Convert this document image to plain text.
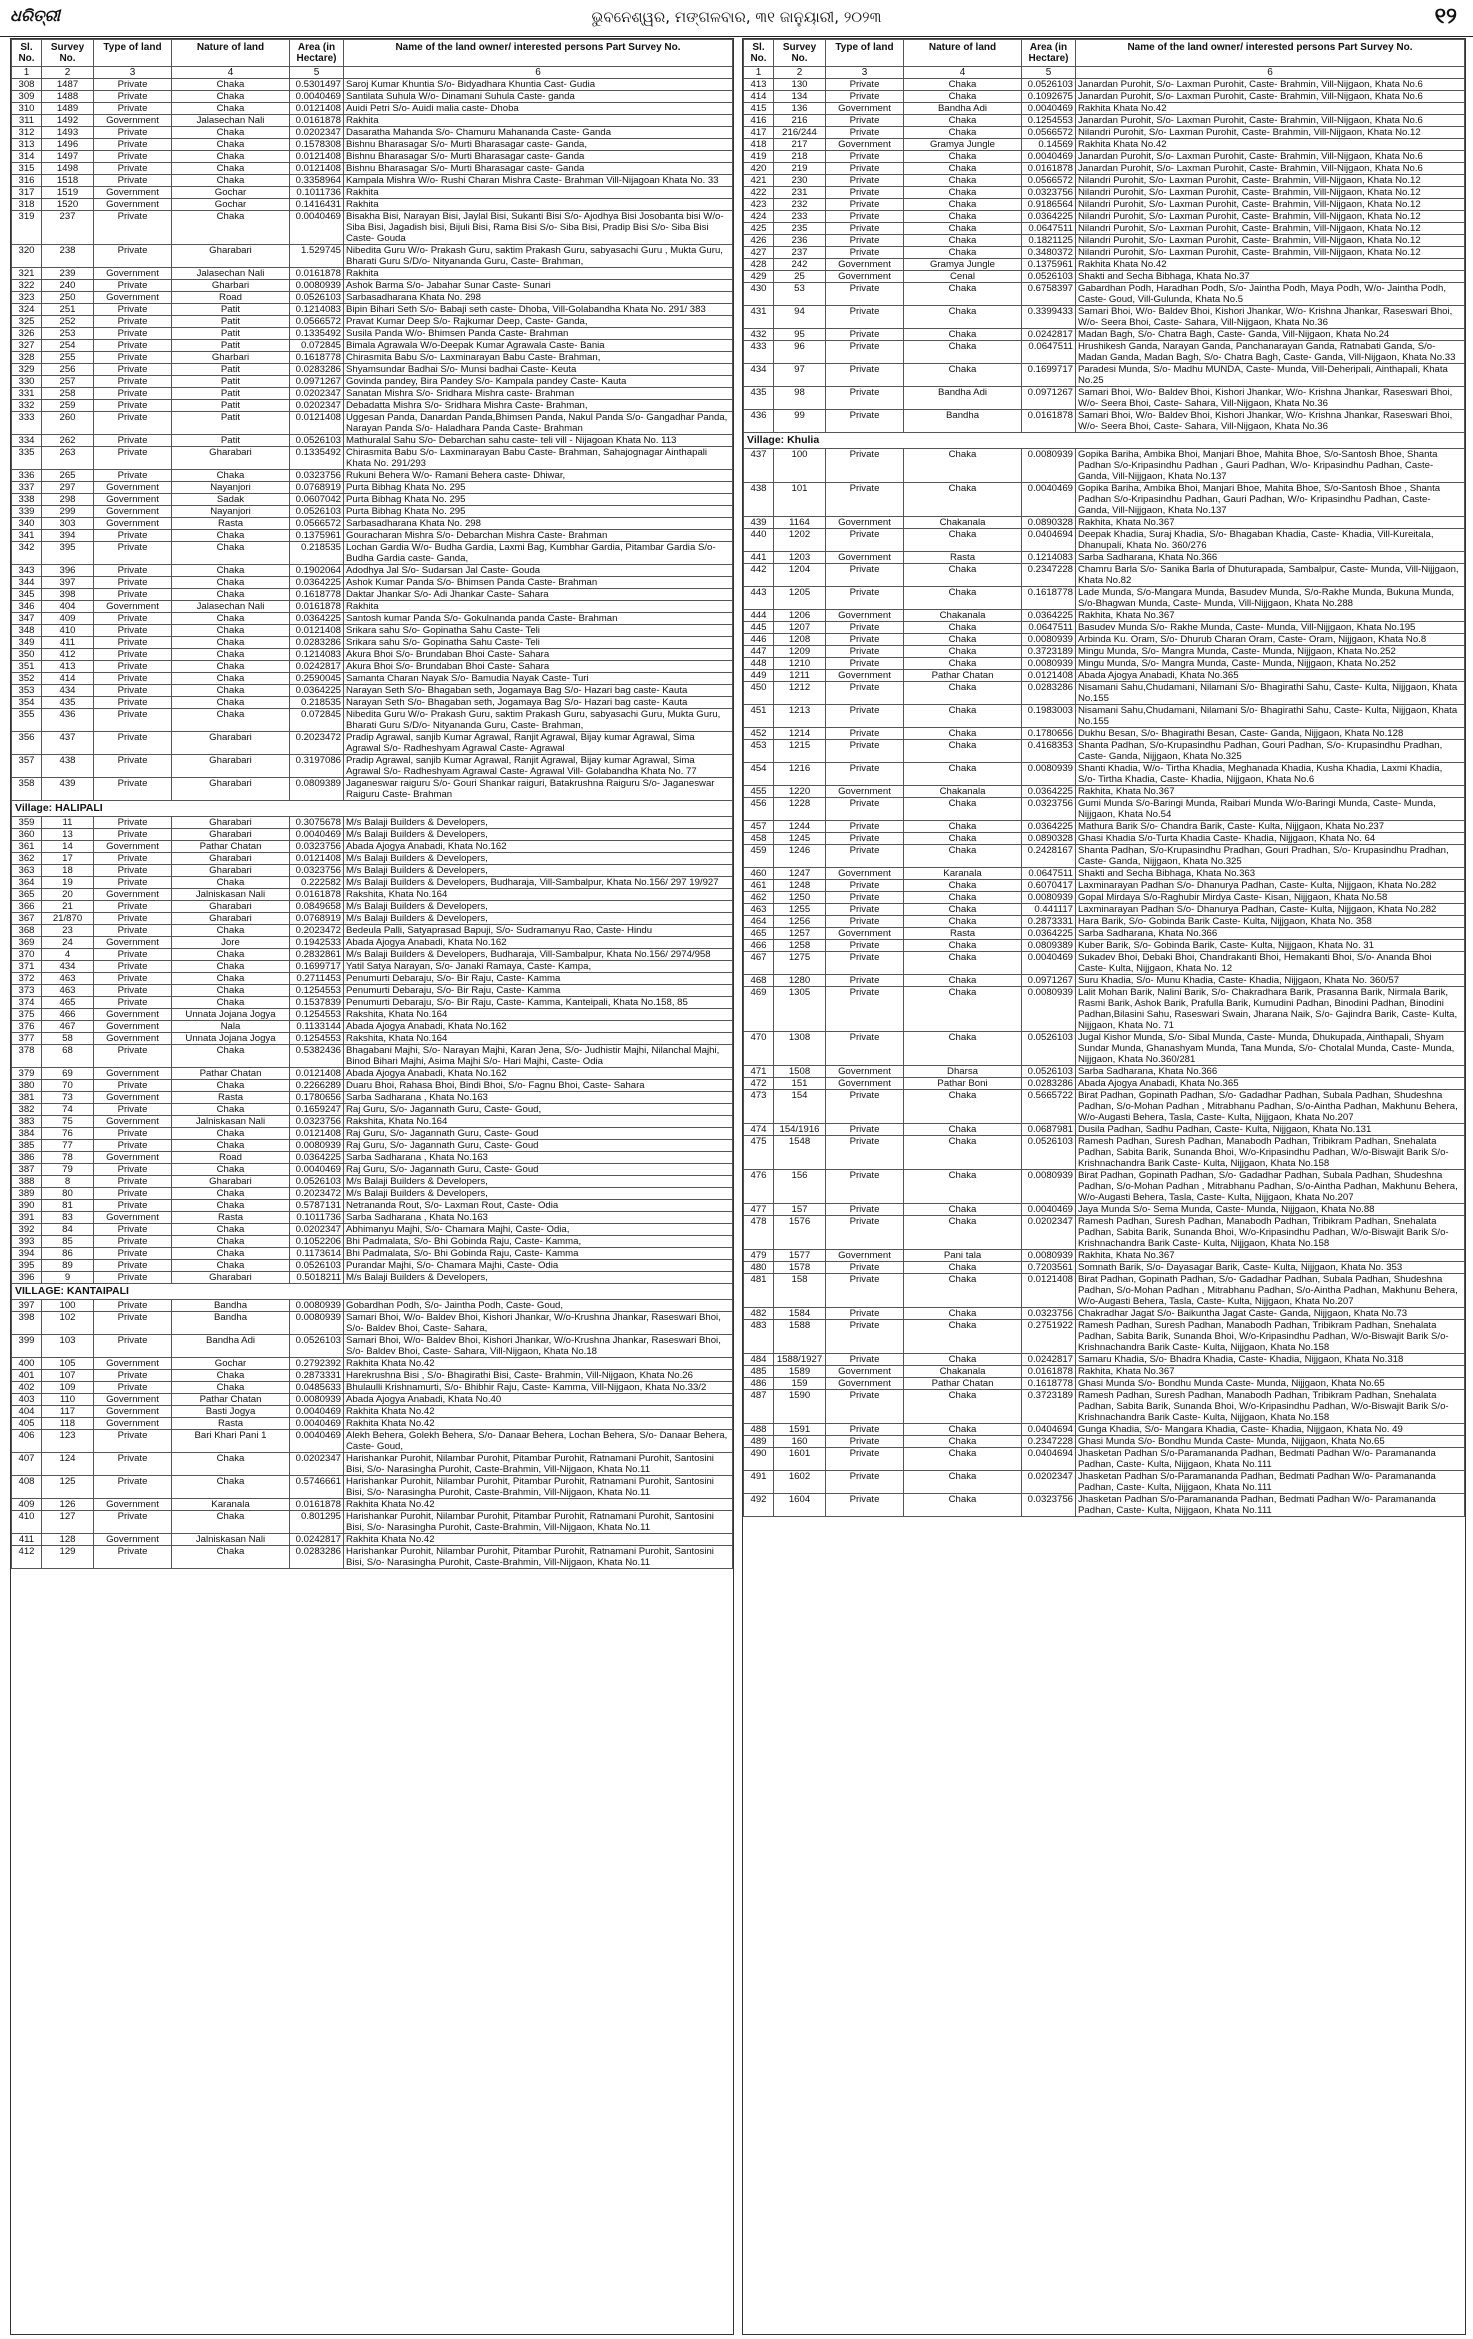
ଧରିତ୍ରୀ	ଭୁବନେଶ୍ୱର, ମଙ୍ଗଳବାର, ୩୧ ଜାନୁୟାରୀ, ୨୦୨୩	୧୨
Sl. No.	Survey No.	Type of land	Nature of land	Area (in Hectare)	Name of the land owner/ interested persons Part Survey No.
1	2	3	4	5	6
308	1487	Private	Chaka	0.5301497	Saroj Kumar Khuntia S/o- Bidyadhara Khuntia Cast- Gudia
309	1488	Private	Chaka	0.0040469	Santilata Suhula W/o- Dinamani Suhula Caste- ganda
310	1489	Private	Chaka	0.0121408	Auidi Petri S/o- Auidi malia caste- Dhoba
311	1492	Government	Jalasechan Nali	0.0161878	Rakhita
312	1493	Private	Chaka	0.0202347	Dasaratha Mahanda S/o- Chamuru Mahananda Caste- Ganda
313	1496	Private	Chaka	0.1578308	Bishnu Bharasagar S/o- Murti Bharasagar caste- Ganda,
314	1497	Private	Chaka	0.0121408	Bishnu Bharasagar S/o- Murti Bharasagar caste- Ganda
315	1498	Private	Chaka	0.0121408	Bishnu Bharasagar S/o- Murti Bharasagar caste- Ganda
316	1518	Private	Chaka	0.3358964	Kampala Mishra W/o- Rushi Charan Mishra Caste- Brahman Vill-Nijagoan Khata No. 33
317	1519	Government	Gochar	0.1011736	Rakhita
318	1520	Government	Gochar	0.1416431	Rakhita
319	237	Private	Chaka	0.0040469	Bisakha Bisi, Narayan Bisi, Jaylal Bisi, Sukanti Bisi S/o- Ajodhya Bisi Josobanta bisi W/o- Siba Bisi, Jagadish bisi, Bijuli Bisi, Rama Bisi S/o- Siba Bisi, Pradip Bisi S/o- Siba Bisi Caste- Gouda
320	238	Private	Gharabari	1.529745	Nibedita Guru W/o- Prakash Guru, saktim Prakash Guru, sabyasachi Guru , Mukta Guru, Bharati Guru S/D/o- Nityananda Guru, Caste- Brahman,
321	239	Government	Jalasechan Nali	0.0161878	Rakhita
322	240	Private	Gharbari	0.0080939	Ashok Barma S/o- Jabahar Sunar Caste- Sunari
323	250	Government	Road	0.0526103	Sarbasadharana Khata No. 298
324	251	Private	Patit	0.1214083	Bipin Bihari Seth S/o- Babaji seth caste- Dhoba, Vill-Golabandha Khata No. 291/ 383
325	252	Private	Patit	0.0566572	Pravat Kumar Deep S/o- Rajkumar Deep, Caste- Ganda,
326	253	Private	Patit	0.1335492	Susila Panda W/o- Bhimsen Panda Caste- Brahman
327	254	Private	Patit	0.072845	Bimala Agrawala W/o-Deepak Kumar Agrawala Caste- Bania
328	255	Private	Gharbari	0.1618778	Chirasmita Babu S/o- Laxminarayan Babu Caste- Brahman,
329	256	Private	Patit	0.0283286	Shyamsundar Badhai S/o- Munsi badhai Caste- Keuta
330	257	Private	Patit	0.0971267	Govinda pandey, Bira Pandey S/o- Kampala pandey Caste- Kauta
331	258	Private	Patit	0.0202347	Sanatan Mishra S/o- Sridhara Mishra caste- Brahman
332	259	Private	Patit	0.0202347	Debadatta Mishra S/o- Sridhara Mishra Caste- Brahman,
333	260	Private	Patit	0.0121408	Uggesan Panda, Danardan Panda,Bhimsen Panda, Nakul Panda S/o- Gangadhar Panda, Narayan Panda S/o- Haladhara Panda Caste- Brahman
334	262	Private	Patit	0.0526103	Mathuralal Sahu S/o- Debarchan sahu caste- teli vill - Nijagoan Khata No. 113
335	263	Private	Gharabari	0.1335492	Chirasmita Babu S/o- Laxminarayan Babu Caste- Brahman, Sahajognagar Ainthapali Khata No. 291/293
336	265	Private	Chaka	0.0323756	Rukuni Behera W/o- Ramani Behera caste- Dhiwar,
337	297	Government	Nayanjori	0.0768919	Purta Bibhag Khata No. 295
338	298	Government	Sadak	0.0607042	Purta Bibhag Khata No. 295
339	299	Government	Nayanjori	0.0526103	Purta Bibhag Khata No. 295
340	303	Government	Rasta	0.0566572	Sarbasadharana Khata No. 298
341	394	Private	Chaka	0.1375961	Gouracharan Mishra S/o- Debarchan Mishra Caste- Brahman
342	395	Private	Chaka	0.218535	Lochan Gardia W/o- Budha Gardia, Laxmi Bag, Kumbhar Gardia, Pitambar Gardia S/o- Budha Gardia caste- Ganda,
343	396	Private	Chaka	0.1902064	Adodhya Jal S/o- Sudarsan Jal Caste- Gouda
344	397	Private	Chaka	0.0364225	Ashok Kumar Panda S/o- Bhimsen Panda Caste- Brahman
345	398	Private	Chaka	0.1618778	Daktar Jhankar S/o- Adi Jhankar Caste- Sahara
346	404	Government	Jalasechan Nali	0.0161878	Rakhita
347	409	Private	Chaka	0.0364225	Santosh kumar Panda S/o- Gokulnanda panda Caste- Brahman
348	410	Private	Chaka	0.0121408	Srikara sahu S/o- Gopinatha Sahu Caste- Teli
349	411	Private	Chaka	0.0283286	Srikara sahu S/o- Gopinatha Sahu Caste- Teli
350	412	Private	Chaka	0.1214083	Akura Bhoi S/o- Brundaban Bhoi Caste- Sahara
351	413	Private	Chaka	0.0242817	Akura Bhoi S/o- Brundaban Bhoi Caste- Sahara
352	414	Private	Chaka	0.2590045	Samanta Charan Nayak S/o- Bamudia Nayak Caste- Turi
353	434	Private	Chaka	0.0364225	Narayan Seth S/o- Bhagaban seth, Jogamaya Bag S/o- Hazari bag caste- Kauta
354	435	Private	Chaka	0.218535	Narayan Seth S/o- Bhagaban seth, Jogamaya Bag S/o- Hazari bag caste- Kauta
355	436	Private	Chaka	0.072845	Nibedita Guru W/o- Prakash Guru, saktim Prakash Guru, sabyasachi Guru, Mukta Guru, Bharati Guru S/D/o- Nityananda Guru, Caste- Brahman,
356	437	Private	Gharabari	0.2023472	Pradip Agrawal, sanjib Kumar Agrawal, Ranjit Agrawal, Bijay kumar Agrawal, Sima Agrawal S/o- Radheshyam Agrawal Caste- Agrawal
357	438	Private	Gharabari	0.3197086	Pradip Agrawal, sanjib Kumar Agrawal, Ranjit Agrawal, Bijay kumar Agrawal, Sima Agrawal S/o- Radheshyam Agrawal Caste- Agrawal Vill- Golabandha Khata No. 77
358	439	Private	Gharabari	0.0809389	Jaganeswar raiguru S/o- Gouri Shankar raiguri, Batakrushna Raiguru S/o- Jaganeswar Raiguru Caste- Brahman
Village: HALIPALI					
359	11	Private	Gharabari	0.3075678	M/s Balaji Builders & Developers,
360	13	Private	Gharabari	0.0040469	M/s Balaji Builders & Developers,
361	14	Government	Pathar Chatan	0.0323756	Abada Ajogya Anabadi, Khata No.162
362	17	Private	Gharabari	0.0121408	M/s Balaji Builders & Developers,
363	18	Private	Gharabari	0.0323756	M/s Balaji Builders & Developers,
364	19	Private	Chaka	0.222582	M/s Balaji Builders & Developers, Budharaja, Vill-Sambalpur, Khata No.156/ 297 19/927
365	20	Government	Jalniskasan Nali	0.0161878	Rakshita, Khata No.164
366	21	Private	Gharabari	0.0849658	M/s Balaji Builders & Developers,
367	21/870	Private	Gharabari	0.0768919	M/s Balaji Builders & Developers,
368	23	Private	Chaka	0.2023472	Bedeula Palli, Satyaprasad Bapuji, S/o- Sudramanyu Rao, Caste- Hindu
369	24	Government	Jore	0.1942533	Abada Ajogya Anabadi, Khata No.162
370	4	Private	Chaka	0.2832861	M/s Balaji Builders & Developers, Budharaja, Vill-Sambalpur, Khata No.156/ 2974/958
371	434	Private	Chaka	0.1699717	Yatil Satya Narayan, S/o- Janaki Ramaya, Caste- Kampa,
372	463	Private	Chaka	0.2711453	Penumurti Debaraju, S/o- Bir Raju, Caste- Kamma
373	463	Private	Chaka	0.1254553	Penumurti Debaraju, S/o- Bir Raju, Caste- Kamma
374	465	Private	Chaka	0.1537839	Penumurti Debaraju, S/o- Bir Raju, Caste- Kamma, Kanteipali, Khata No.158, 85
375	466	Government	Unnata Jojana Jogya	0.1254553	Rakshita, Khata No.164
376	467	Government	Nala	0.1133144	Abada Ajogya Anabadi, Khata No.162
377	58	Government	Unnata Jojana Jogya	0.1254553	Rakshita, Khata No.164
378	68	Private	Chaka	0.5382436	Bhagabani Majhi, S/o- Narayan Majhi, Karan Jena, S/o- Judhistir Majhi, Nilanchal Majhi, Binod Bihari Majhi, Asima Majhi S/o- Hari Majhi, Caste- Odia
379	69	Government	Pathar Chatan	0.0121408	Abada Ajogya Anabadi, Khata No.162
380	70	Private	Chaka	0.2266289	Duaru Bhoi, Rahasa Bhoi, Bindi Bhoi, S/o- Fagnu Bhoi, Caste- Sahara
381	73	Government	Rasta	0.1780656	Sarba Sadharana , Khata No.163
382	74	Private	Chaka	0.1659247	Raj Guru, S/o- Jagannath Guru, Caste- Goud,
383	75	Government	Jalniskasan Nali	0.0323756	Rakshita, Khata No.164
384	76	Private	Chaka	0.0121408	Raj Guru, S/o- Jagannath Guru, Caste- Goud
385	77	Private	Chaka	0.0080939	Raj Guru, S/o- Jagannath Guru, Caste- Goud
386	78	Government	Road	0.0364225	Sarba Sadharana , Khata No.163
387	79	Private	Chaka	0.0040469	Raj Guru, S/o- Jagannath Guru, Caste- Goud
388	8	Private	Gharabari	0.0526103	M/s Balaji Builders & Developers,
389	80	Private	Chaka	0.2023472	M/s Balaji Builders & Developers,
390	81	Private	Chaka	0.5787131	Netrananda Rout, S/o- Laxman Rout, Caste- Odia
391	83	Government	Rasta	0.1011736	Sarba Sadharana , Khata No.163
392	84	Private	Chaka	0.0202347	Abhimanyu Majhi, S/o- Chamara Majhi, Caste- Odia,
393	85	Private	Chaka	0.1052206	Bhi Padmalata, S/o- Bhi Gobinda Raju, Caste- Kamma,
394	86	Private	Chaka	0.1173614	Bhi Padmalata, S/o- Bhi Gobinda Raju, Caste- Kamma
395	89	Private	Chaka	0.0526103	Purandar Majhi, S/o- Chamara Majhi, Caste- Odia
396	9	Private	Gharabari	0.5018211	M/s Balaji Builders & Developers,
VILLAGE: KANTAIPALI					
397	100	Private	Bandha	0.0080939	Gobardhan Podh, S/o- Jaintha Podh, Caste- Goud,
398	102	Private	Bandha	0.0080939	Samari Bhoi, W/o- Baldev Bhoi, Kishori Jhankar, W/o-Krushna Jhankar, Raseswari Bhoi, S/o- Baldev Bhoi, Caste- Sahara,
399	103	Private	Bandha Adi	0.0526103	Samari Bhoi, W/o- Baldev Bhoi, Kishori Jhankar, W/o-Krushna Jhankar, Raseswari Bhoi, S/o- Baldev Bhoi, Caste- Sahara, Vill-Nijgaon, Khata No.18
400	105	Government	Gochar	0.2792392	Rakhita Khata No.42
401	107	Private	Chaka	0.2873331	Harekrushna Bisi , S/o- Bhagirathi Bisi, Caste- Brahmin, Vill-Nijgaon, Khata No.26
402	109	Private	Chaka	0.0485633	Bhulaulli Krishnamurti, S/o- Bhibhir Raju, Caste- Kamma, Vill-Nijgaon, Khata No.33/2
403	110	Government	Pathar Chatan	0.0080939	Abada Ajogya Anabadi, Khata No.40
404	117	Government	Basti Jogya	0.0040469	Rakhita Khata No.42
405	118	Government	Rasta	0.0040469	Rakhita Khata No.42
406	123	Private	Bari Khari Pani 1	0.0040469	Alekh Behera, Golekh Behera, S/o- Danaar Behera, Lochan Behera, S/o- Danaar Behera, Caste- Goud,
407	124	Private	Chaka	0.0202347	Harishankar Purohit, Nilambar Purohit, Pitambar Purohit, Ratnamani Purohit, Santosini Bisi, S/o- Narasingha Purohit, Caste-Brahmin, Vill-Nijgaon, Khata No.11
408	125	Private	Chaka	0.5746661	Harishankar Purohit, Nilambar Purohit, Pitambar Purohit, Ratnamani Purohit, Santosini Bisi, S/o- Narasingha Purohit, Caste-Brahmin, Vill-Nijgaon, Khata No.11
409	126	Government	Karanala	0.0161878	Rakhita Khata No.42
410	127	Private	Chaka	0.801295	Harishankar Purohit, Nilambar Purohit, Pitambar Purohit, Ratnamani Purohit, Santosini Bisi, S/o- Narasingha Purohit, Caste-Brahmin, Vill-Nijgaon, Khata No.11
411	128	Government	Jalniskasan Nali	0.0242817	Rakhita Khata No.42
412	129	Private	Chaka	0.0283286	Harishankar Purohit, Nilambar Purohit, Pitambar Purohit, Ratnamani Purohit, Santosini Bisi, S/o- Narasingha Purohit, Caste-Brahmin, Vill-Nijgaon, Khata No.11
Sl. No.	Survey No.	Type of land	Nature of land	Area (in Hectare)	Name of the land owner/ interested persons Part Survey No.
1	2	3	4	5	6
413	130	Private	Chaka	0.0526103	Janardan Purohit, S/o- Laxman Purohit, Caste- Brahmin, Vill-Nijgaon, Khata No.6
414	134	Private	Chaka	0.1092675	Janardan Purohit, S/o- Laxman Purohit, Caste- Brahmin, Vill-Nijgaon, Khata No.6
415	136	Government	Bandha Adi	0.0040469	Rakhita Khata No.42
416	216	Private	Chaka	0.1254553	Janardan Purohit, S/o- Laxman Purohit, Caste- Brahmin, Vill-Nijgaon, Khata No.6
417	216/244	Private	Chaka	0.0566572	Nilandri Purohit, S/o- Laxman Purohit, Caste- Brahmin, Vill-Nijgaon, Khata No.12
418	217	Government	Gramya Jungle	0.14569	Rakhita Khata No.42
419	218	Private	Chaka	0.0040469	Janardan Purohit, S/o- Laxman Purohit, Caste- Brahmin, Vill-Nijgaon, Khata No.6
420	219	Private	Chaka	0.0161878	Janardan Purohit, S/o- Laxman Purohit, Caste- Brahmin, Vill-Nijgaon, Khata No.6
421	230	Private	Chaka	0.0566572	Nilandri Purohit, S/o- Laxman Purohit, Caste- Brahmin, Vill-Nijgaon, Khata No.12
422	231	Private	Chaka	0.0323756	Nilandri Purohit, S/o- Laxman Purohit, Caste- Brahmin, Vill-Nijgaon, Khata No.12
423	232	Private	Chaka	0.9186564	Nilandri Purohit, S/o- Laxman Purohit, Caste- Brahmin, Vill-Nijgaon, Khata No.12
424	233	Private	Chaka	0.0364225	Nilandri Purohit, S/o- Laxman Purohit, Caste- Brahmin, Vill-Nijgaon, Khata No.12
425	235	Private	Chaka	0.0647511	Nilandri Purohit, S/o- Laxman Purohit, Caste- Brahmin, Vill-Nijgaon, Khata No.12
426	236	Private	Chaka	0.1821125	Nilandri Purohit, S/o- Laxman Purohit, Caste- Brahmin, Vill-Nijgaon, Khata No.12
427	237	Private	Chaka	0.3480372	Nilandri Purohit, S/o- Laxman Purohit, Caste- Brahmin, Vill-Nijgaon, Khata No.12
428	242	Government	Gramya Jungle	0.1375961	Rakhita Khata No.42
429	25	Government	Cenal	0.0526103	Shakti and Secha Bibhaga, Khata No.37
430	53	Private	Chaka	0.6758397	Gabardhan Podh, Haradhan Podh, S/o- Jaintha Podh, Maya Podh, W/o- Jaintha Podh, Caste- Goud, Vill-Gulunda, Khata No.5
431	94	Private	Chaka	0.3399433	Samari Bhoi, W/o- Baldev Bhoi, Kishori Jhankar, W/o- Krishna Jhankar, Raseswari Bhoi, W/o- Seera Bhoi, Caste- Sahara, Vill-Nijgaon, Khata No.36
432	95	Private	Chaka	0.0242817	Madan Bagh, S/o- Chatra Bagh, Caste- Ganda, Vill-Nijgaon, Khata No.24
433	96	Private	Chaka	0.0647511	Hrushikesh Ganda, Narayan Ganda, Panchanarayan Ganda, Ratnabati Ganda, S/o- Madan Ganda, Madan Bagh, S/o- Chatra Bagh, Caste- Ganda, Vill-Nijgaon, Khata No.33
434	97	Private	Chaka	0.1699717	Paradesi Munda, S/o- Madhu MUNDA, Caste- Munda, Vill-Deheripali, Ainthapali, Khata No.25
435	98	Private	Bandha Adi	0.0971267	Samari Bhoi, W/o- Baldev Bhoi, Kishori Jhankar, W/o- Krishna Jhankar, Raseswari Bhoi, W/o- Seera Bhoi, Caste- Sahara, Vill-Nijgaon, Khata No.36
436	99	Private	Bandha	0.0161878	Samari Bhoi, W/o- Baldev Bhoi, Kishori Jhankar, W/o- Krishna Jhankar, Raseswari Bhoi, W/o- Seera Bhoi, Caste- Sahara, Vill-Nijgaon, Khata No.36
Village: Khulia					
437	100	Private	Chaka	0.0080939	Gopika Bariha, Ambika Bhoi, Manjari Bhoe, Mahita Bhoe, S/o-Santosh Bhoe, Shanta Padhan S/o-Kripasindhu Padhan , Gauri Padhan, W/o- Kripasindhu Padhan, Caste- Ganda, Vill-Nijjgaon, Khata No.137
438	101	Private	Chaka	0.0040469	Gopika Bariha, Ambika Bhoi, Manjari Bhoe, Mahita Bhoe, S/o-Santosh Bhoe , Shanta Padhan S/o-Kripasindhu Padhan, Gauri Padhan, W/o- Kripasindhu Padhan, Caste- Ganda, Vill-Nijjgaon, Khata No.137
439	1164	Government	Chakanala	0.0890328	Rakhita, Khata No.367
440	1202	Private	Chaka	0.0404694	Deepak Khadia, Suraj Khadia, S/o- Bhagaban Khadia, Caste- Khadia, Vill-Kureitala, Dhanupali, Khata No. 360/276
441	1203	Government	Rasta	0.1214083	Sarba Sadharana, Khata No.366
442	1204	Private	Chaka	0.2347228	Chamru Barla S/o- Sanika Barla of Dhuturapada, Sambalpur, Caste- Munda, Vill-Nijjgaon, Khata No.82
443	1205	Private	Chaka	0.1618778	Lade Munda, S/o-Mangara Munda, Basudev Munda, S/o-Rakhe Munda, Bukuna Munda, S/o-Bhagwan Munda, Caste- Munda, Vill-Nijjgaon, Khata No.288
444	1206	Government	Chakanala	0.0364225	Rakhita, Khata No.367
445	1207	Private	Chaka	0.0647511	Basudev Munda S/o- Rakhe Munda, Caste- Munda, Vill-Nijjgaon, Khata No.195
446	1208	Private	Chaka	0.0080939	Arbinda Ku. Oram, S/o- Dhurub Charan Oram, Caste- Oram, Nijjgaon, Khata No.8
447	1209	Private	Chaka	0.3723189	Mingu Munda, S/o- Mangra Munda, Caste- Munda, Nijjgaon, Khata No.252
448	1210	Private	Chaka	0.0080939	Mingu Munda, S/o- Mangra Munda, Caste- Munda, Nijjgaon, Khata No.252
449	1211	Government	Pathar Chatan	0.0121408	Abada Ajogya Anabadi, Khata No.365
450	1212	Private	Chaka	0.0283286	Nisamani Sahu,Chudamani, Nilamani S/o- Bhagirathi Sahu, Caste- Kulta, Nijjgaon, Khata No.155
451	1213	Private	Chaka	0.1983003	Nisamani Sahu,Chudamani, Nilamani S/o- Bhagirathi Sahu, Caste- Kulta, Nijjgaon, Khata No.155
452	1214	Private	Chaka	0.1780656	Dukhu Besan, S/o- Bhagirathi Besan, Caste- Ganda, Nijjgaon, Khata No.128
453	1215	Private	Chaka	0.4168353	Shanta Padhan, S/o-Krupasindhu Padhan, Gouri Padhan, S/o- Krupasindhu Pradhan, Caste- Ganda, Nijjgaon, Khata No.325
454	1216	Private	Chaka	0.0080939	Shanti Khadia, W/o- Tirtha Khadia, Meghanada Khadia, Kusha Khadia, Laxmi Khadia, S/o- Tirtha Khadia, Caste- Khadia, Nijjgaon, Khata No.6
455	1220	Government	Chakanala	0.0364225	Rakhita, Khata No.367
456	1228	Private	Chaka	0.0323756	Gumi Munda S/o-Baringi Munda, Raibari Munda W/o-Baringi Munda, Caste- Munda, Nijjgaon, Khata No.54
457	1244	Private	Chaka	0.0364225	Mathura Barik S/o- Chandra Barik, Caste- Kulta, Nijjgaon, Khata No.237
458	1245	Private	Chaka	0.0890328	Ghasi Khadia S/o-Turta Khadia Caste- Khadia, Nijjgaon, Khata No. 64
459	1246	Private	Chaka	0.2428167	Shanta Padhan, S/o-Krupasindhu Pradhan, Gouri Pradhan, S/o- Krupasindhu Pradhan, Caste- Ganda, Nijjgaon, Khata No.325
460	1247	Government	Karanala	0.0647511	Shakti and Secha Bibhaga, Khata No.363
461	1248	Private	Chaka	0.6070417	Laxminarayan Padhan S/o- Dhanurya Padhan, Caste- Kulta, Nijjgaon, Khata No.282
462	1250	Private	Chaka	0.0080939	Gopal Mirdaya S/o-Raghubir Mirdya Caste- Kisan, Nijjgaon, Khata No.58
463	1255	Private	Chaka	0.441117	Laxminarayan Padhan S/o- Dhanurya Padhan, Caste- Kulta, Nijjgaon, Khata No.282
464	1256	Private	Chaka	0.2873331	Hara Barik, S/o- Gobinda Barik Caste- Kulta, Nijjgaon, Khata No. 358
465	1257	Government	Rasta	0.0364225	Sarba Sadharana, Khata No.366
466	1258	Private	Chaka	0.0809389	Kuber Barik, S/o- Gobinda Barik, Caste- Kulta, Nijjgaon, Khata No. 31
467	1275	Private	Chaka	0.0040469	Sukadev Bhoi, Debaki Bhoi, Chandrakanti Bhoi, Hemakanti Bhoi, S/o- Ananda Bhoi Caste- Kulta, Nijjgaon, Khata No. 12
468	1280	Private	Chaka	0.0971267	Suru Khadia, S/o- Munu Khadia, Caste- Khadia, Nijjgaon, Khata No. 360/57
469	1305	Private	Chaka	0.0080939	Lalit Mohan Barik, Nalini Barik, S/o- Chakradhara Barik, Prasanna Barik, Nirmala Barik, Rasmi Barik, Ashok Barik, Prafulla Barik, Kumudini Padhan, Binodini Padhan, Binodini Padhan,Bilasini Sahu, Raseswari Swain, Jharana Naik, S/o- Gajindra Barik, Caste- Kulta, Nijjgaon, Khata No. 71
470	1308	Private	Chaka	0.0526103	Jugal Kishor Munda, S/o- Sibal Munda, Caste- Munda, Dhukupada, Ainthapali, Shyam Sundar Munda, Ghanashyam Munda, Tana Munda, S/o- Chotalal Munda, Caste- Munda, Nijjgaon, Khata No.360/281
471	1508	Government	Dharsa	0.0526103	Sarba Sadharana, Khata No.366
472	151	Government	Pathar Boni	0.0283286	Abada Ajogya Anabadi, Khata No.365
473	154	Private	Chaka	0.5665722	Birat Padhan, Gopinath Padhan, S/o- Gadadhar Padhan, Subala Padhan, Shudeshna Padhan, S/o-Mohan Padhan , Mitrabhanu Padhan, S/o-Aintha Padhan, Makhunu Behera, W/o-Augasti Behera, Tasla, Caste- Kulta, Nijjgaon, Khata No.207
474	154/1916	Private	Chaka	0.0687981	Dusila Padhan, Sadhu Padhan, Caste- Kulta, Nijjgaon, Khata No.131
475	1548	Private	Chaka	0.0526103	Ramesh Padhan, Suresh Padhan, Manabodh Padhan, Tribikram Padhan, Snehalata Padhan, Sabita Barik, Sunanda Bhoi, W/o-Kripasindhu Padhan, W/o-Biswajit Barik S/o- Krishnachandra Barik Caste- Kulta, Nijjgaon, Khata No.158
476	156	Private	Chaka	0.0080939	Birat Padhan, Gopinath Padhan, S/o- Gadadhar Padhan, Subala Padhan, Shudeshna Padhan, S/o-Mohan Padhan , Mitrabhanu Padhan, S/o-Aintha Padhan, Makhunu Behera, W/o-Augasti Behera, Tasla, Caste- Kulta, Nijjgaon, Khata No.207
477	157	Private	Chaka	0.0040469	Jaya Munda S/o- Sema Munda, Caste- Munda, Nijjgaon, Khata No.88
478	1576	Private	Chaka	0.0202347	Ramesh Padhan, Suresh Padhan, Manabodh Padhan, Tribikram Padhan, Snehalata Padhan, Sabita Barik, Sunanda Bhoi, W/o-Kripasindhu Padhan, W/o-Biswajit Barik S/o- Krishnachandra Barik Caste- Kulta, Nijjgaon, Khata No.158
479	1577	Government	Pani tala	0.0080939	Rakhita, Khata No.367
480	1578	Private	Chaka	0.7203561	Somnath Barik, S/o- Dayasagar Barik, Caste- Kulta, Nijjgaon, Khata No. 353
481	158	Private	Chaka	0.0121408	Birat Padhan, Gopinath Padhan, S/o- Gadadhar Padhan, Subala Padhan, Shudeshna Padhan, S/o-Mohan Padhan , Mitrabhanu Padhan, S/o-Aintha Padhan, Makhunu Behera, W/o-Augasti Behera, Tasla, Caste- Kulta, Nijjgaon, Khata No.207
482	1584	Private	Chaka	0.0323756	Chakradhar Jagat S/o- Baikuntha Jagat Caste- Ganda, Nijjgaon, Khata No.73
483	1588	Private	Chaka	0.2751922	Ramesh Padhan, Suresh Padhan, Manabodh Padhan, Tribikram Padhan, Snehalata Padhan, Sabita Barik, Sunanda Bhoi, W/o-Kripasindhu Padhan, W/o-Biswajit Barik S/o- Krishnachandra Barik Caste- Kulta, Nijjgaon, Khata No.158
484	1588/1927	Private	Chaka	0.0242817	Samaru Khadia, S/o- Bhadra Khadia, Caste- Khadia, Nijjgaon, Khata No.318
485	1589	Government	Chakanala	0.0161878	Rakhita, Khata No.367
486	159	Government	Pathar Chatan	0.1618778	Ghasi Munda S/o- Bondhu Munda Caste- Munda, Nijjgaon, Khata No.65
487	1590	Private	Chaka	0.3723189	Ramesh Padhan, Suresh Padhan, Manabodh Padhan, Tribikram Padhan, Snehalata Padhan, Sabita Barik, Sunanda Bhoi, W/o-Kripasindhu Padhan, W/o-Biswajit Barik S/o- Krishnachandra Barik Caste- Kulta, Nijjgaon, Khata No.158
488	1591	Private	Chaka	0.0404694	Gunga Khadia, S/o- Mangara Khadia, Caste- Khadia, Nijjgaon, Khata No. 49
489	160	Private	Chaka	0.2347228	Ghasi Munda S/o- Bondhu Munda Caste- Munda, Nijjgaon, Khata No.65
490	1601	Private	Chaka	0.0404694	Jhasketan Padhan S/o-Paramananda Padhan, Bedmati Padhan W/o- Paramananda Padhan, Caste- Kulta, Nijjgaon, Khata No.111
491	1602	Private	Chaka	0.0202347	Jhasketan Padhan S/o-Paramananda Padhan, Bedmati Padhan W/o- Paramananda Padhan, Caste- Kulta, Nijjgaon, Khata No.111
492	1604	Private	Chaka	0.0323756	Jhasketan Padhan S/o-Paramananda Padhan, Bedmati Padhan W/o- Paramananda Padhan, Caste- Kulta, Nijjgaon, Khata No.111
